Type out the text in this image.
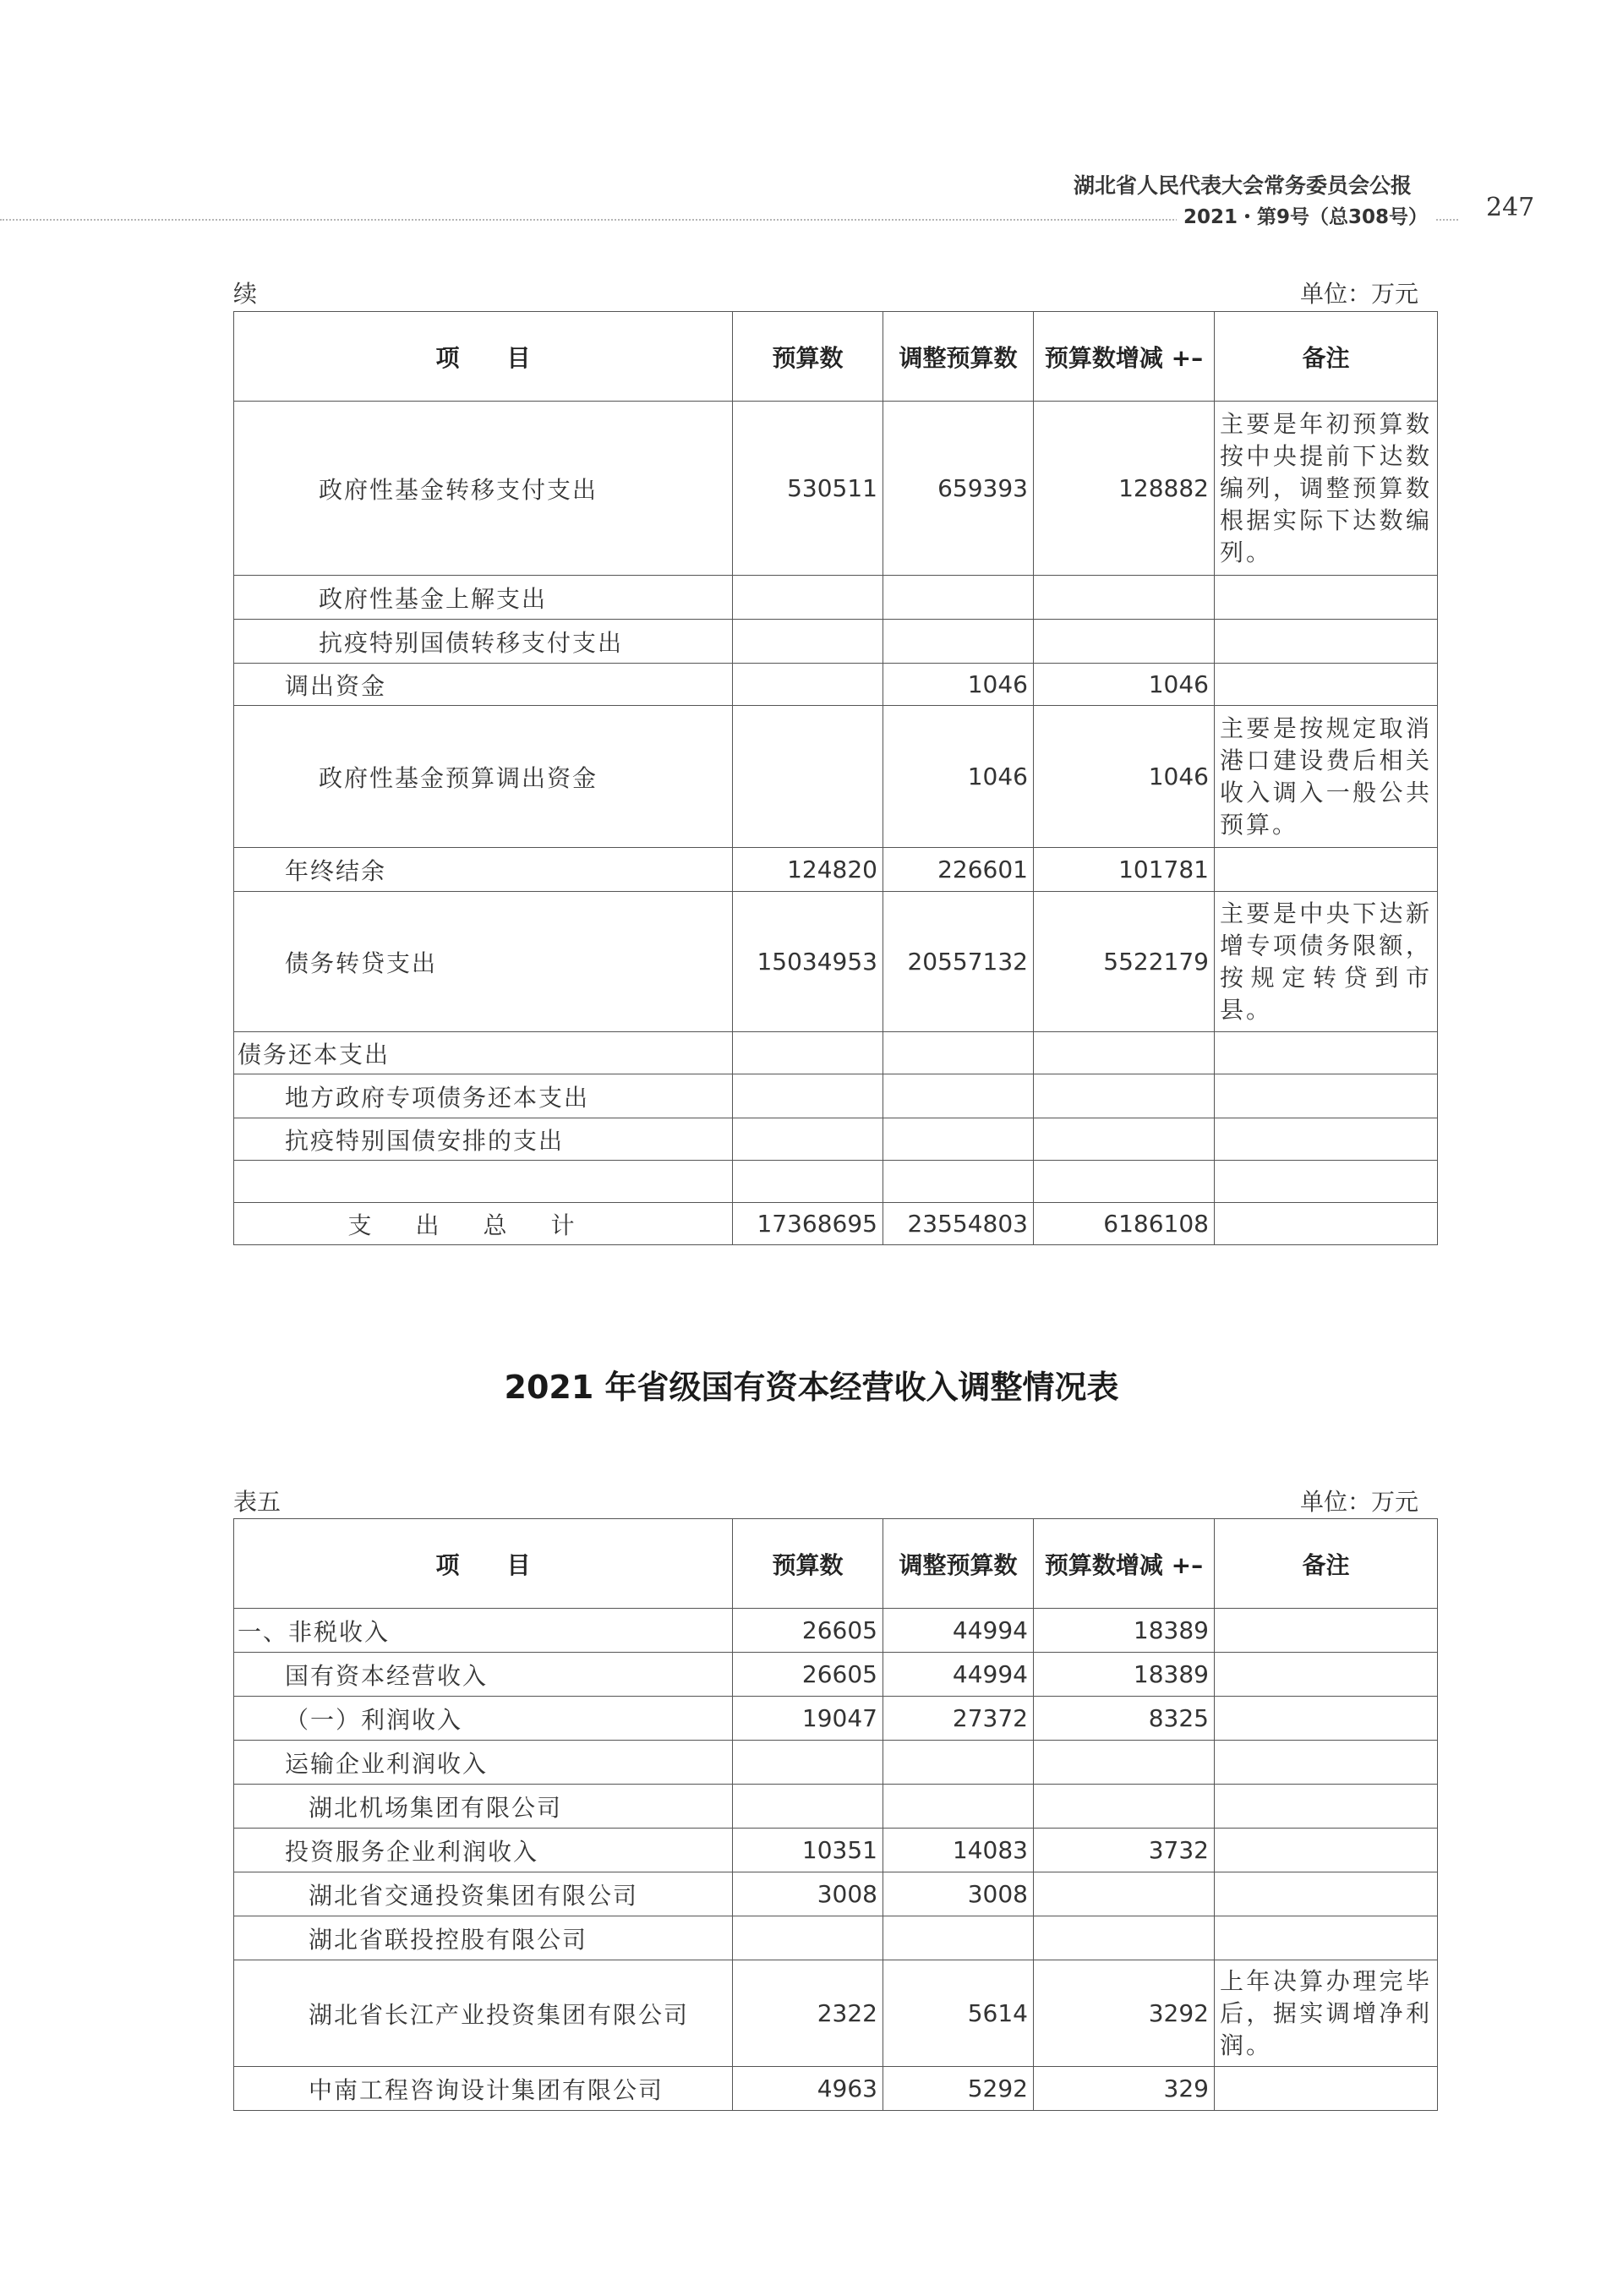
湖北省人民代表大会常务委员会公报
2021・第9号（总308号） 247
续	单位：万元
项　　目	预算数	调整预算数	预算数增减 +–	备注
政府性基金转移支付支出	530511	659393	128882	主要是年初预算数按中央提前下达数编列，调整预算数根据实际下达数编列。
政府性基金上解支出				
抗疫特别国债转移支付支出				
调出资金		1046	1046	
政府性基金预算调出资金		1046	1046	主要是按规定取消港口建设费后相关收入调入一般公共预算。
年终结余	124820	226601	101781	
债务转贷支出	15034953	20557132	5522179	主要是中央下达新增专项债务限额，按规定转贷到市县。
债务还本支出				
地方政府专项债务还本支出				
抗疫特别国债安排的支出				

支出总计	17368695	23554803	6186108	
2021 年省级国有资本经营收入调整情况表
表五	单位：万元
项　　目	预算数	调整预算数	预算数增减 +–	备注
一、非税收入	26605	44994	18389	
国有资本经营收入	26605	44994	18389	
（一）利润收入	19047	27372	8325	
运输企业利润收入				
湖北机场集团有限公司				
投资服务企业利润收入	10351	14083	3732	
湖北省交通投资集团有限公司	3008	3008		
湖北省联投控股有限公司				
湖北省长江产业投资集团有限公司	2322	5614	3292	上年决算办理完毕后，据实调增净利润。
中南工程咨询设计集团有限公司	4963	5292	329	
